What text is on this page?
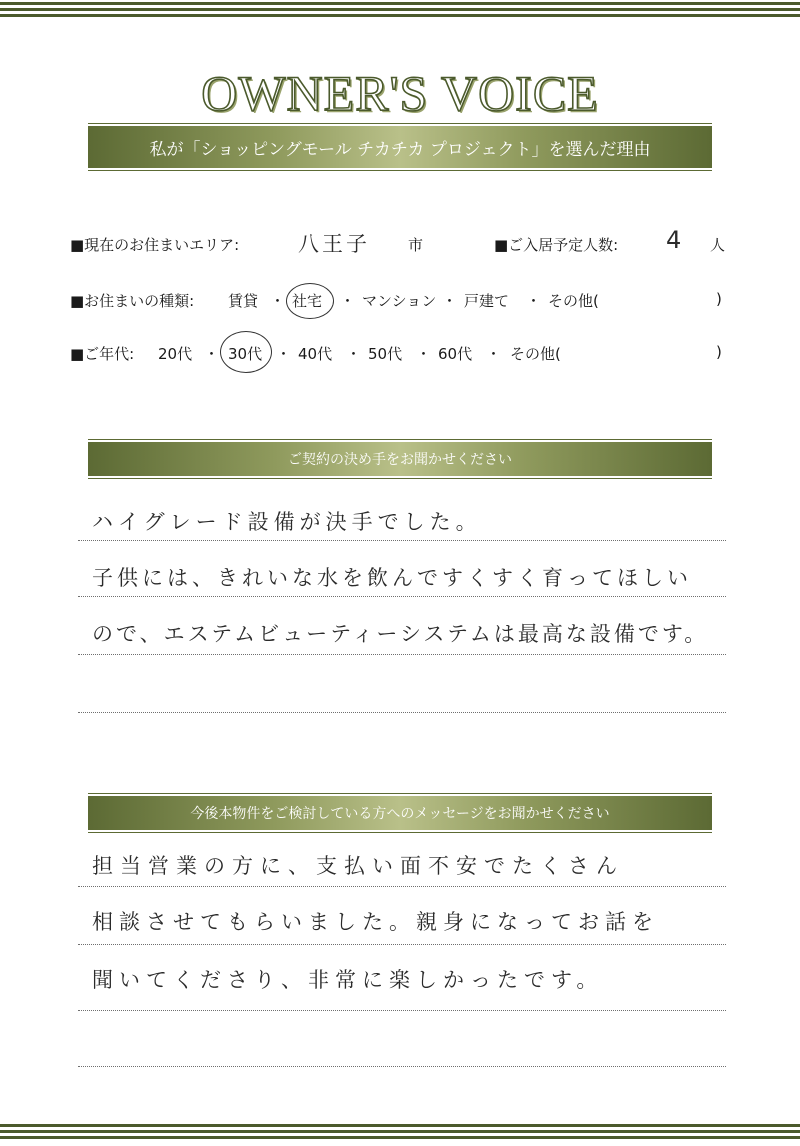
OWNER'S VOICE
私が「ショッピングモール チカチカ プロジェクト」を選んだ理由
■現在のお住まいエリア:	八王子	市	■ご入居予定人数: 4 人
■お住まいの種類: 賃貸 ・ 社宅 ・ マンション ・ 戸建て ・ その他(	)
■ご年代: 20代 ・ 30代 ・ 40代 ・ 50代 ・ 60代 ・ その他(	)
ご契約の決め手をお聞かせください
ハイグレード設備が決手でした。
子供には、きれいな水を飲んですくすく育ってほしい
ので、エステムビューティーシステムは最高な設備です。
今後本物件をご検討している方へのメッセージをお聞かせください
担当営業の方に、支払い面不安でたくさん
相談させてもらいました。親身になってお話を
聞いてくださり、非常に楽しかったです。
